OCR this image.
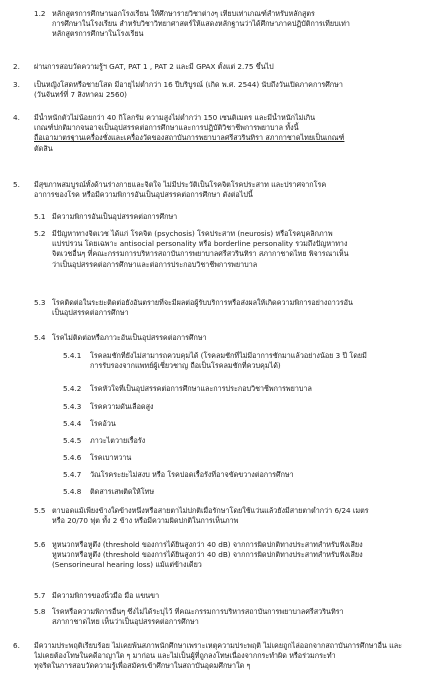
1.2 หลักสูตรการศึกษานอกโรงเรียน ให้ศึกษารายวิชาต่างๆ เทียบเท่าเกณฑ์สำหรับหลักสูตร
การศึกษาในโรงเรียน สำหรับวิชาวิทยาศาสตร์ให้แสดงหลักฐานว่าได้ศึกษาภาคปฏิบัติการเทียบเท่า
หลักสูตรการศึกษาในโรงเรียน
2. ผ่านการสอบวัดความรู้ฯ GAT, PAT 1 , PAT 2 และมี GPAX ตั้งแต่ 2.75 ขึ้นไป
3. เป็นหญิงโสดหรือชายโสด มีอายุไม่ต่ำกว่า 16 ปีบริบูรณ์ (เกิด พ.ศ. 2544) นับถึงวันเปิดภาคการศึกษา
(วันจันทร์ที่ 7 สิงหาคม 2560)
4. มีน้ำหนักตัวไม่น้อยกว่า 40 กิโลกรัม ความสูงไม่ต่ำกว่า 150 เซนติเมตร และมีน้ำหนักไม่เกิน
เกณฑ์ปกติมากจนอาจเป็นอุปสรรคต่อการศึกษาและการปฏิบัติวิชาชีพการพยาบาล ทั้งนี้
ถือเอามาตรฐานเครื่องชั่งและเครื่องวัดของสถาบันการพยาบาลศรีสวรินทิรา สภากาชาดไทยเป็นเกณฑ์
ตัดสิน
5. มีสุขภาพสมบูรณ์ทั้งด้านร่างกายและจิตใจ ไม่มีประวัติเป็นโรคจิตโรคประสาท และปราศจากโรค
อาการของโรค หรือมีความพิการอันเป็นอุปสรรคต่อการศึกษา ดังต่อไปนี้
5.1 มีความพิการอันเป็นอุปสรรคต่อการศึกษา
5.2 มีปัญหาทางจิตเวช ได้แก่ โรคจิต (psychosis) โรคประสาท (neurosis) หรือโรคบุคลิกภาพ
แปรปรวน โดยเฉพาะ antisocial personality หรือ borderline personality รวมถึงปัญหาทาง
จิตเวชอื่นๆ ที่คณะกรรมการบริหารสถาบันการพยาบาลศรีสวรินทิรา สภากาชาดไทย พิจารณาเห็น
ว่าเป็นอุปสรรคต่อการศึกษาและต่อการประกอบวิชาชีพการพยาบาล
5.3 โรคติดต่อในระยะติดต่อยังอันตรายที่จะมีผลต่อผู้รับบริการหรือส่งผลให้เกิดความพิการอย่างถาวรอัน
เป็นอุปสรรคต่อการศึกษา
5.4 โรคไม่ติดต่อหรือภาวะอันเป็นอุปสรรคต่อการศึกษา
5.4.1 โรคลมชักที่ยังไม่สามารถควบคุมได้ (โรคลมชักที่ไม่มีอาการชักมาแล้วอย่างน้อย 3 ปี โดยมี
การรับรองจากแพทย์ผู้เชี่ยวชาญ ถือเป็นโรคลมชักที่ควบคุมได้)
5.4.2 โรคหัวใจที่เป็นอุปสรรคต่อการศึกษาและการประกอบวิชาชีพการพยาบาล
5.4.3 โรคความดันเลือดสูง
5.4.4 โรคอ้วน
5.4.5 ภาวะไตวายเรื้อรัง
5.4.6 โรคเบาหวาน
5.4.7 วัณโรคระยะไม่สงบ หรือ โรคปอดเรื้อรังที่อาจขัดขวางต่อการศึกษา
5.4.8 ติดสารเสพติดให้โทษ
5.5 ตาบอดแม้เพียงข้างใดข้างหนึ่งหรือสายตาไม่ปกติเมื่อรักษาโดยใช้แว่นแล้วยังมีสายตาต่ำกว่า 6/24 เมตร
หรือ 20/70 ฟุต ทั้ง 2 ข้าง หรือมีความผิดปกติในการเห็นภาพ
5.6 หูหนวกหรือหูตึง (threshold ของการได้ยินสูงกว่า 40 dB) จากการผิดปกติทางประสาทสำหรับฟังเสียง
หูหนวกหรือหูตึง (threshold ของการได้ยินสูงกว่า 40 dB) จากการผิดปกติทางประสาทสำหรับฟังเสียง
(Sensorineural hearing loss) แม้แต่ข้างเดียว
5.7 มีความพิการของนิ้วมือ มือ แขนขา
5.8 โรคหรือความพิการอื่นๆ ซึ่งไม่ได้ระบุไว้ ที่คณะกรรมการบริหารสถาบันการพยาบาลศรีสวรินทิรา
สภากาชาดไทย เห็นว่าเป็นอุปสรรคต่อการศึกษา
6. มีความประพฤติเรียบร้อย ไม่เคยพ้นสภาพนักศึกษาเพราะเหตุความประพฤติ ไม่เคยถูกไล่ออกจากสถาบันการศึกษาอื่น และ
ไม่เคยต้องโทษในคดีอาญาใด ๆ มาก่อน และไม่เป็นผู้ที่ถูกลงโทษเนื่องจากกระทำผิด หรือร่วมกระทำ
ทุจริตในการสอบวัดความรู้เพื่อสมัครเข้าศึกษาในสถาบันอุดมศึกษาใด ๆ
